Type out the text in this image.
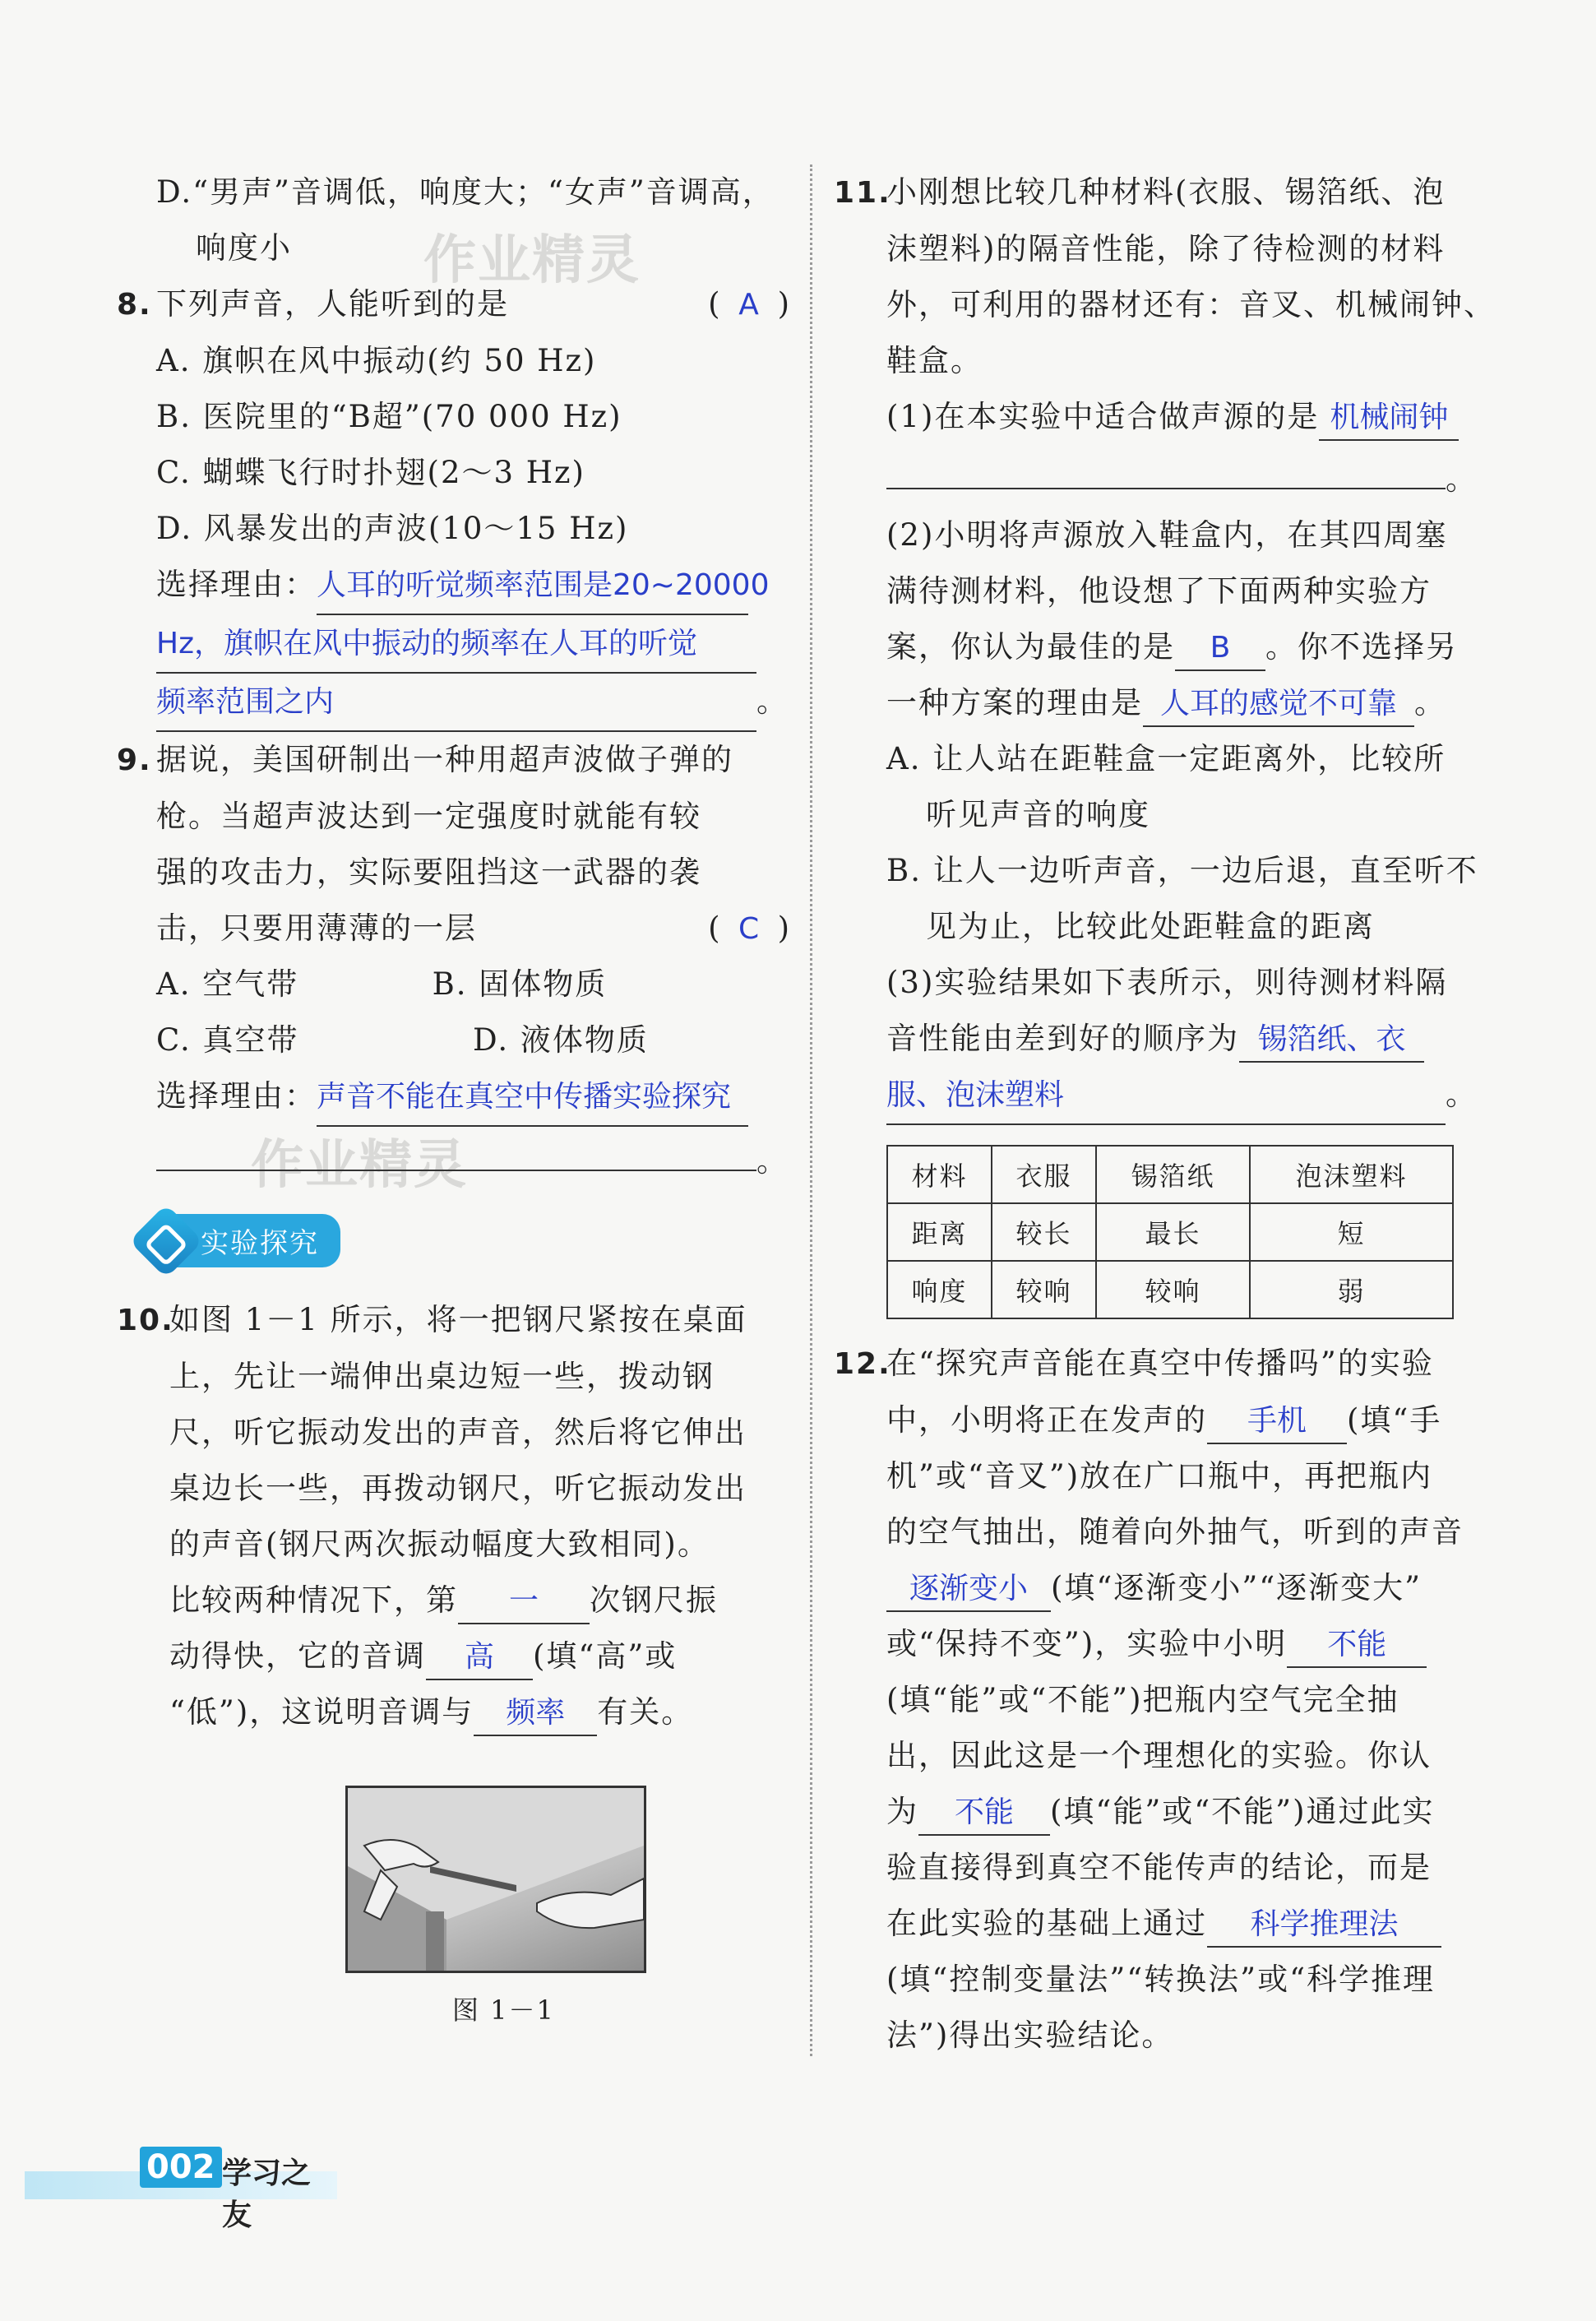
作业精灵
作业精灵
D.“男声”音调低，响度大；“女声”音调高，
响度小
8. 下列声音，人能听到的是	( A )
A. 旗帜在风中振动(约 50 Hz)
B. 医院里的“B超”(70 000 Hz)
C. 蝴蝶飞行时扑翅(2～3 Hz)
D. 风暴发出的声波(10～15 Hz)
选择理由：人耳的听觉频率范围是20~20000
Hz，旗帜在风中振动的频率在人耳的听觉
频率范围之内	。
9. 据说，美国研制出一种用超声波做子弹的
枪。当超声波达到一定强度时就能有较
强的攻击力，实际要阻挡这一武器的袭
击，只要用薄薄的一层	( C )
A. 空气带	B. 固体物质
C. 真空带	D. 液体物质
选择理由：声音不能在真空中传播实验探究
。
实验探究
10.如图 1－1 所示，将一把钢尺紧按在桌面
上，先让一端伸出桌边短一些，拨动钢
尺，听它振动发出的声音，然后将它伸出
桌边长一些，再拨动钢尺，听它振动发出
的声音(钢尺两次振动幅度大致相同)。
比较两种情况下，第 一 次钢尺振
动得快，它的音调 高 (填“高”或
“低”)，这说明音调与 频率 有关。
图 1－1
11.小刚想比较几种材料(衣服、锡箔纸、泡
沫塑料)的隔音性能，除了待检测的材料
外，可利用的器材还有：音叉、机械闹钟、
鞋盒。
(1)在本实验中适合做声源的是 机械闹钟
。
(2)小明将声源放入鞋盒内，在其四周塞
满待测材料，他设想了下面两种实验方
案，你认为最佳的是 B 。你不选择另
一种方案的理由是 人耳的感觉不可靠 。
A. 让人站在距鞋盒一定距离外，比较所
听见声音的响度
B. 让人一边听声音，一边后退，直至听不
见为止，比较此处距鞋盒的距离
(3)实验结果如下表所示，则待测材料隔
音性能由差到好的顺序为 锡箔纸、衣
服、泡沫塑料	。
材料	衣服	锡箔纸	泡沫塑料
距离	较长	最长	短
响度	较响	较响	弱
12.在“探究声音能在真空中传播吗”的实验
中，小明将正在发声的 手机 (填“手
机”或“音叉”)放在广口瓶中，再把瓶内
的空气抽出，随着向外抽气，听到的声音
逐渐变小 (填“逐渐变小”“逐渐变大”
或“保持不变”)，实验中小明 不能
(填“能”或“不能”)把瓶内空气完全抽
出，因此这是一个理想化的实验。你认
为 不能 (填“能”或“不能”)通过此实
验直接得到真空不能传声的结论，而是
在此实验的基础上通过 科学推理法
(填“控制变量法”“转换法”或“科学推理
法”)得出实验结论。
002 学习之友
